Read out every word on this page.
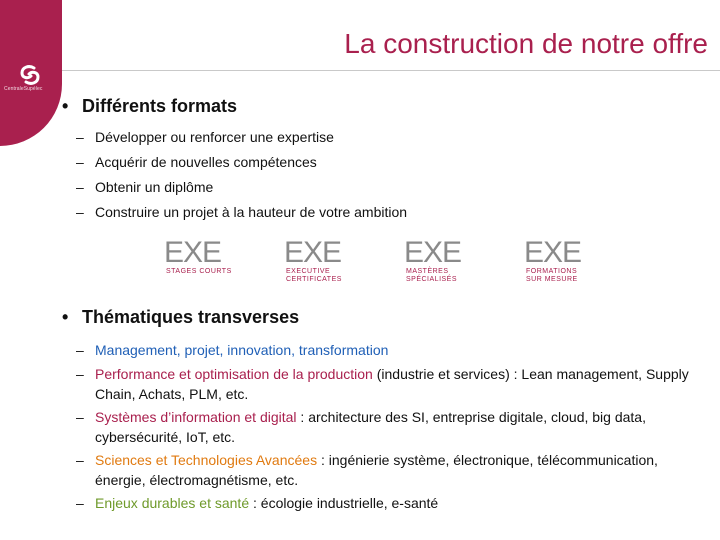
CentraleSupélec
La construction de notre offre
• Différents formats
– Développer ou renforcer une expertise
– Acquérir de nouvelles compétences
– Obtenir un diplôme
– Construire un projet à la hauteur de votre ambition
EXE
STAGES COURTS
EXE
EXECUTIVE
CERTIFICATES
EXE
MASTÈRES
SPÉCIALISÉS
EXE
FORMATIONS
SUR MESURE
• Thématiques transverses
– Management, projet, innovation, transformation
– Performance et optimisation de la production (industrie et services) : Lean management, Supply Chain, Achats, PLM, etc.
– Systèmes d’information et digital : architecture des SI, entreprise digitale, cloud, big data, cybersécurité, IoT, etc.
– Sciences et Technologies Avancées : ingénierie système, électronique, télécommunication, énergie, électromagnétisme, etc.
– Enjeux durables et santé : écologie industrielle, e-santé
